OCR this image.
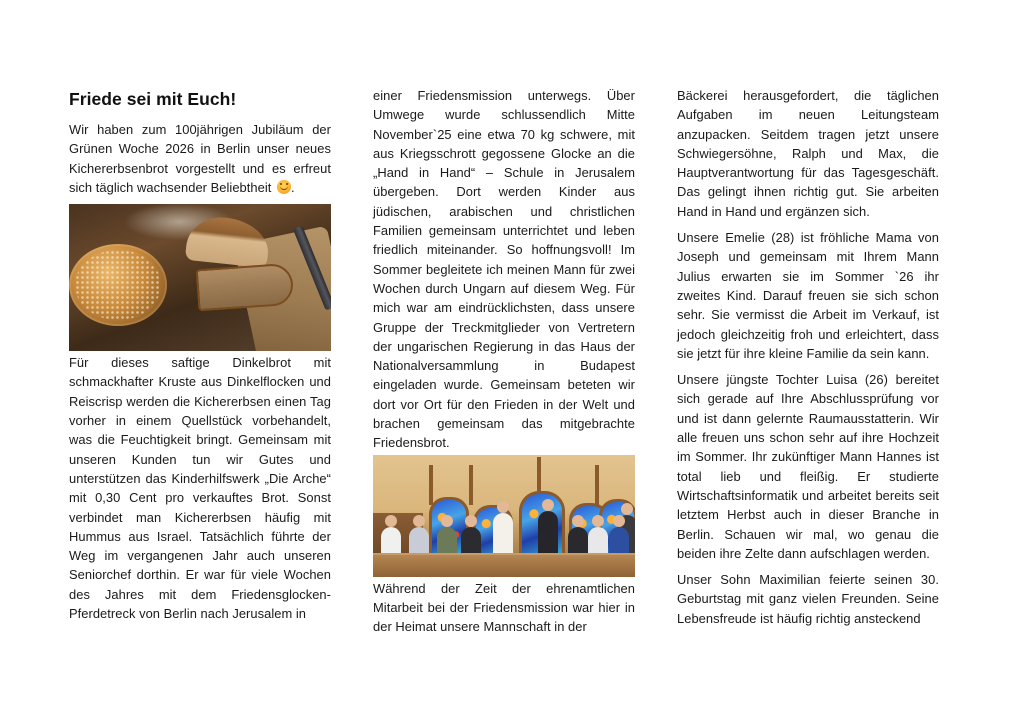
Friede sei mit Euch!

Wir haben zum 100jährigen Jubiläum der Grünen Woche 2026 in Berlin unser neues Kichererbsenbrot vorgestellt und es erfreut sich täglich wachsender Beliebtheit .

Für dieses saftige Dinkelbrot mit schmackhafter Kruste aus Dinkelflocken und Reiscrisp werden die Kichererbsen einen Tag vorher in einem Quellstück vorbehandelt, was die Feuchtigkeit bringt. Gemeinsam mit unseren Kunden tun wir Gutes und unterstützen das Kinderhilfswerk „Die Arche“ mit 0,30 Cent pro verkauftes Brot. Sonst verbindet man Kichererbsen häufig mit Hummus aus Israel. Tatsächlich führte der Weg im vergangenen Jahr auch unseren Seniorchef dorthin. Er war für viele Wochen des Jahres mit dem Friedensglocken-Pferdetreck von Berlin nach Jerusalem in

einer Friedensmission unterwegs. Über Umwege wurde schlussendlich Mitte November`25 eine etwa 70 kg schwere, mit aus Kriegsschrott gegossene Glocke an die „Hand in Hand“ – Schule in Jerusalem übergeben. Dort werden Kinder aus jüdischen, arabischen und christlichen Familien gemeinsam unterrichtet und leben friedlich miteinander. So hoffnungsvoll! Im Sommer begleitete ich meinen Mann für zwei Wochen durch Ungarn auf diesem Weg. Für mich war am eindrücklichsten, dass unsere Gruppe der Treckmitglieder von Vertretern der ungarischen Regierung in das Haus der Nationalversammlung in Budapest eingeladen wurde. Gemeinsam beteten wir dort vor Ort für den Frieden in der Welt und brachen gemeinsam das mitgebrachte Friedensbrot.

Während der Zeit der ehrenamtlichen Mitarbeit bei der Friedensmission war hier in der Heimat unsere Mannschaft in der

Bäckerei herausgefordert, die täglichen Aufgaben im neuen Leitungsteam anzupacken. Seitdem tragen jetzt unsere Schwiegersöhne, Ralph und Max, die Hauptverantwortung für das Tagesgeschäft. Das gelingt ihnen richtig gut. Sie arbeiten Hand in Hand und ergänzen sich.

Unsere Emelie (28) ist fröhliche Mama von Joseph und gemeinsam mit Ihrem Mann Julius erwarten sie im Sommer `26 ihr zweites Kind. Darauf freuen sie sich schon sehr. Sie vermisst die Arbeit im Verkauf, ist jedoch gleichzeitig froh und erleichtert, dass sie jetzt für ihre kleine Familie da sein kann.

Unsere jüngste Tochter Luisa (26) bereitet sich gerade auf Ihre Abschlussprüfung vor und ist dann gelernte Raumausstatterin. Wir alle freuen uns schon sehr auf ihre Hochzeit im Sommer. Ihr zukünftiger Mann Hannes ist total lieb und fleißig. Er studierte Wirtschaftsinformatik und arbeitet bereits seit letztem Herbst auch in dieser Branche in Berlin. Schauen wir mal, wo genau die beiden ihre Zelte dann aufschlagen werden.

Unser Sohn Maximilian feierte seinen 30. Geburtstag mit ganz vielen Freunden. Seine Lebensfreude ist häufig richtig ansteckend
